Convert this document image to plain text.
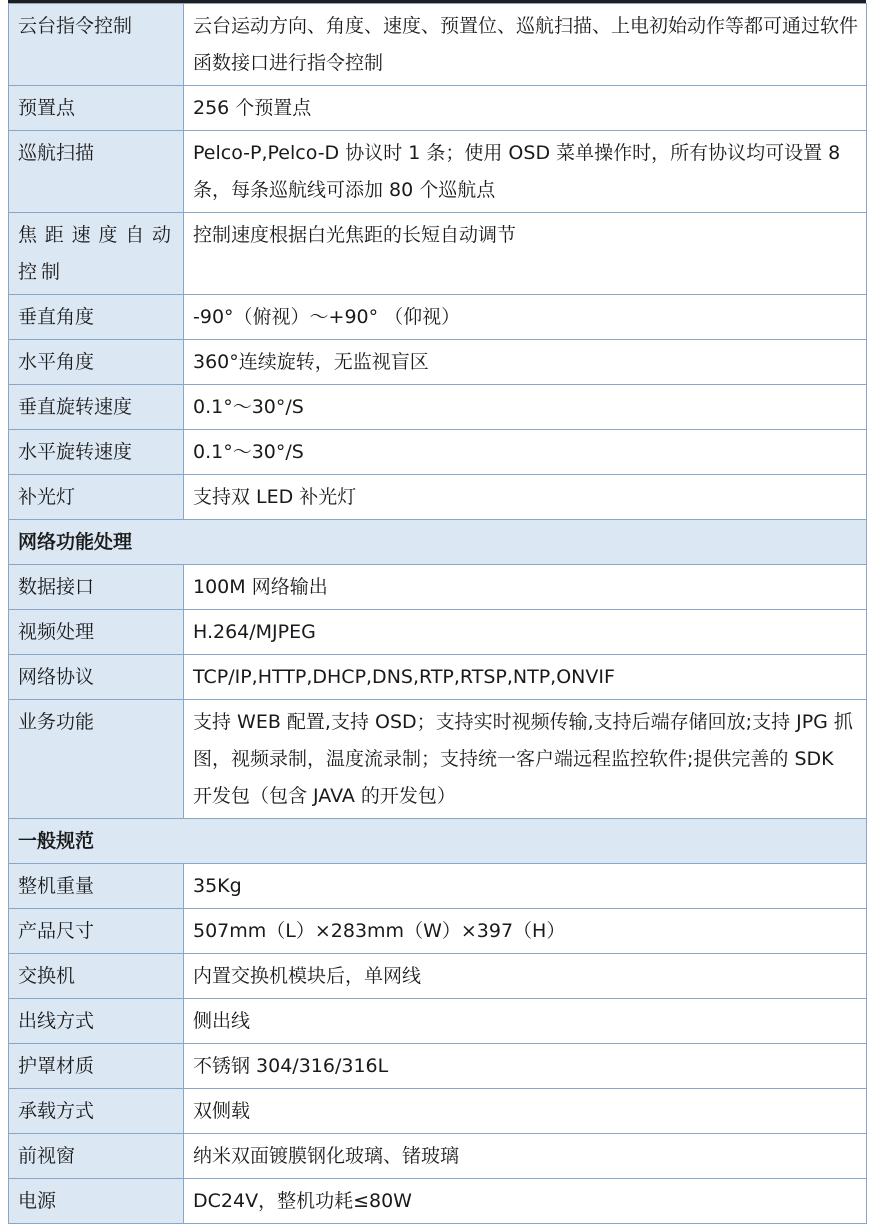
云台指令控制	云台运动方向、角度、速度、预置位、巡航扫描、上电初始动作等都可通过软件函数接口进行指令控制
预置点	256 个预置点
巡航扫描	Pelco-P,Pelco-D 协议时 1 条；使用 OSD 菜单操作时，所有协议均可设置 8 条，每条巡航线可添加 80 个巡航点
焦距速度自动控制	控制速度根据白光焦距的长短自动调节
垂直角度	-90°（俯视）～+90° （仰视）
水平角度	360°连续旋转，无监视盲区
垂直旋转速度	0.1°～30°/S
水平旋转速度	0.1°～30°/S
补光灯	支持双 LED 补光灯
网络功能处理	
数据接口	100M 网络输出
视频处理	H.264/MJPEG
网络协议	TCP/IP,HTTP,DHCP,DNS,RTP,RTSP,NTP,ONVIF
业务功能	支持 WEB 配置,支持 OSD；支持实时视频传输,支持后端存储回放;支持 JPG 抓图，视频录制，温度流录制；支持统一客户端远程监控软件;提供完善的 SDK 开发包（包含 JAVA 的开发包）
一般规范	
整机重量	35Kg
产品尺寸	507mm（L）×283mm（W）×397（H）
交换机	内置交换机模块后，单网线
出线方式	侧出线
护罩材质	不锈钢 304/316/316L
承载方式	双侧载
前视窗	纳米双面镀膜钢化玻璃、锗玻璃
电源	DC24V，整机功耗≤80W
